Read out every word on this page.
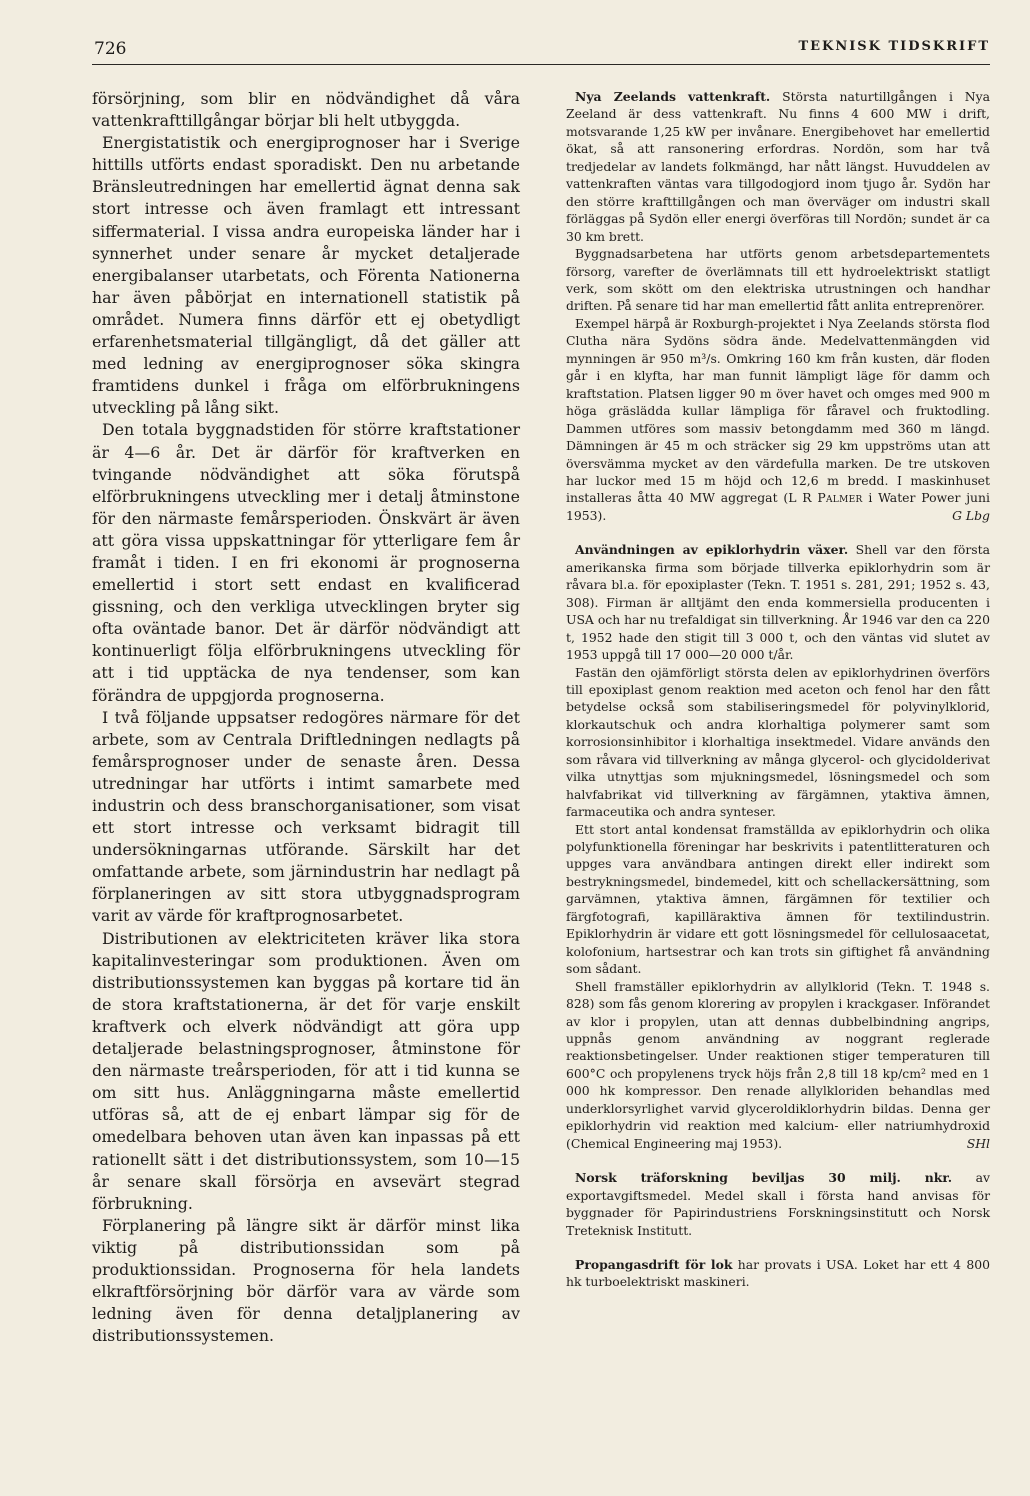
726	TEKNISK TIDSKRIFT

försörjning, som blir en nödvändighet då våra vattenkrafttillgångar börjar bli helt utbyggda.

Energistatistik och energiprognoser har i Sverige hittills utförts endast sporadiskt. Den nu arbetande Bränsleutredningen har emellertid ägnat denna sak stort intresse och även framlagt ett intressant siffermaterial. I vissa andra europeiska länder har i synnerhet under senare år mycket detaljerade energibalanser utarbetats, och Förenta Nationerna har även påbörjat en internationell statistik på området. Numera finns därför ett ej obetydligt erfarenhetsmaterial tillgängligt, då det gäller att med ledning av energiprognoser söka skingra framtidens dunkel i fråga om elförbrukningens utveckling på lång sikt.

Den totala byggnadstiden för större kraftstationer är 4—6 år. Det är därför för kraftverken en tvingande nödvändighet att söka förutspå elförbrukningens utveckling mer i detalj åtminstone för den närmaste femårsperioden. Önskvärt är även att göra vissa uppskattningar för ytterligare fem år framåt i tiden. I en fri ekonomi är prognoserna emellertid i stort sett endast en kvalificerad gissning, och den verkliga utvecklingen bryter sig ofta oväntade banor. Det är därför nödvändigt att kontinuerligt följa elförbrukningens utveckling för att i tid upptäcka de nya tendenser, som kan förändra de uppgjorda prognoserna.

I två följande uppsatser redogöres närmare för det arbete, som av Centrala Driftledningen nedlagts på femårsprognoser under de senaste åren. Dessa utredningar har utförts i intimt samarbete med industrin och dess branschorganisationer, som visat ett stort intresse och verksamt bidragit till undersökningarnas utförande. Särskilt har det omfattande arbete, som järnindustrin har nedlagt på förplaneringen av sitt stora utbyggnadsprogram varit av värde för kraftprognosarbetet.

Distributionen av elektriciteten kräver lika stora kapitalinvesteringar som produktionen. Även om distributionssystemen kan byggas på kortare tid än de stora kraftstationerna, är det för varje enskilt kraftverk och elverk nödvändigt att göra upp detaljerade belastningsprognoser, åtminstone för den närmaste treårsperioden, för att i tid kunna se om sitt hus. Anläggningarna måste emellertid utföras så, att de ej enbart lämpar sig för de omedelbara behoven utan även kan inpassas på ett rationellt sätt i det distributionssystem, som 10—15 år senare skall försörja en avsevärt stegrad förbrukning.

Förplanering på längre sikt är därför minst lika viktig på distributionssidan som på produktionssidan. Prognoserna för hela landets elkraftförsörjning bör därför vara av värde som ledning även för denna detaljplanering av distributionssystemen.

Nya Zeelands vattenkraft. Största naturtillgången i Nya Zeeland är dess vattenkraft. Nu finns 4 600 MW i drift, motsvarande 1,25 kW per invånare. Energibehovet har emellertid ökat, så att ransonering erfordras. Nordön, som har två tredjedelar av landets folkmängd, har nått längst. Huvuddelen av vattenkraften väntas vara tillgodogjord inom tjugo år. Sydön har den större krafttillgången och man överväger om industri skall förläggas på Sydön eller energi överföras till Nordön; sundet är ca 30 km brett.

Byggnadsarbetena har utförts genom arbetsdepartementets försorg, varefter de överlämnats till ett hydroelektriskt statligt verk, som skött om den elektriska utrustningen och handhar driften. På senare tid har man emellertid fått anlita entreprenörer.

Exempel härpå är Roxburgh-projektet i Nya Zeelands största flod Clutha nära Sydöns södra ände. Medelvattenmängden vid mynningen är 950 m³/s. Omkring 160 km från kusten, där floden går i en klyfta, har man funnit lämpligt läge för damm och kraftstation. Platsen ligger 90 m över havet och omges med 900 m höga gräslädda kullar lämpliga för fåravel och fruktodling. Dammen utföres som massiv betongdamm med 360 m längd. Dämningen är 45 m och sträcker sig 29 km uppströms utan att översvämma mycket av den värdefulla marken. De tre utskoven har luckor med 15 m höjd och 12,6 m bredd. I maskinhuset installeras åtta 40 MW aggregat (L R Palmer i Water Power juni 1953).	G Lbg

Användningen av epiklorhydrin växer. Shell var den första amerikanska firma som började tillverka epiklorhydrin som är råvara bl.a. för epoxiplaster (Tekn. T. 1951 s. 281, 291; 1952 s. 43, 308). Firman är alltjämt den enda kommersiella producenten i USA och har nu trefaldigat sin tillverkning. År 1946 var den ca 220 t, 1952 hade den stigit till 3 000 t, och den väntas vid slutet av 1953 uppgå till 17 000—20 000 t/år.

Fastän den ojämförligt största delen av epiklorhydrinen överförs till epoxiplast genom reaktion med aceton och fenol har den fått betydelse också som stabiliseringsmedel för polyvinylklorid, klorkautschuk och andra klorhaltiga polymerer samt som korrosionsinhibitor i klorhaltiga insektmedel. Vidare används den som råvara vid tillverkning av många glycerol- och glycidolderivat vilka utnyttjas som mjukningsmedel, lösningsmedel och som halvfabrikat vid tillverkning av färgämnen, ytaktiva ämnen, farmaceutika och andra synteser.

Ett stort antal kondensat framställda av epiklorhydrin och olika polyfunktionella föreningar har beskrivits i patentlitteraturen och uppges vara användbara antingen direkt eller indirekt som bestrykningsmedel, bindemedel, kitt och schellackersättning, som garvämnen, ytaktiva ämnen, färgämnen för textilier och färgfotografi, kapilläraktiva ämnen för textilindustrin. Epiklorhydrin är vidare ett gott lösningsmedel för cellulosaacetat, kolofonium, hartsestrar och kan trots sin giftighet få användning som sådant.

Shell framställer epiklorhydrin av allylklorid (Tekn. T. 1948 s. 828) som fås genom klorering av propylen i krackgaser. Införandet av klor i propylen, utan att dennas dubbelbindning angrips, uppnås genom användning av noggrant reglerade reaktionsbetingelser. Under reaktionen stiger temperaturen till 600°C och propylenens tryck höjs från 2,8 till 18 kp/cm² med en 1 000 hk kompressor. Den renade allylkloriden behandlas med underklorsyrlighet varvid glyceroldiklorhydrin bildas. Denna ger epiklorhydrin vid reaktion med kalcium- eller natriumhydroxid (Chemical Engineering maj 1953).	SHl

Norsk träforskning beviljas 30 milj. nkr. av exportavgiftsmedel. Medel skall i första hand anvisas för byggnader för Papirindustriens Forskningsinstitutt och Norsk Treteknisk Institutt.

Propangasdrift för lok har provats i USA. Loket har ett 4 800 hk turboelektriskt maskineri.
